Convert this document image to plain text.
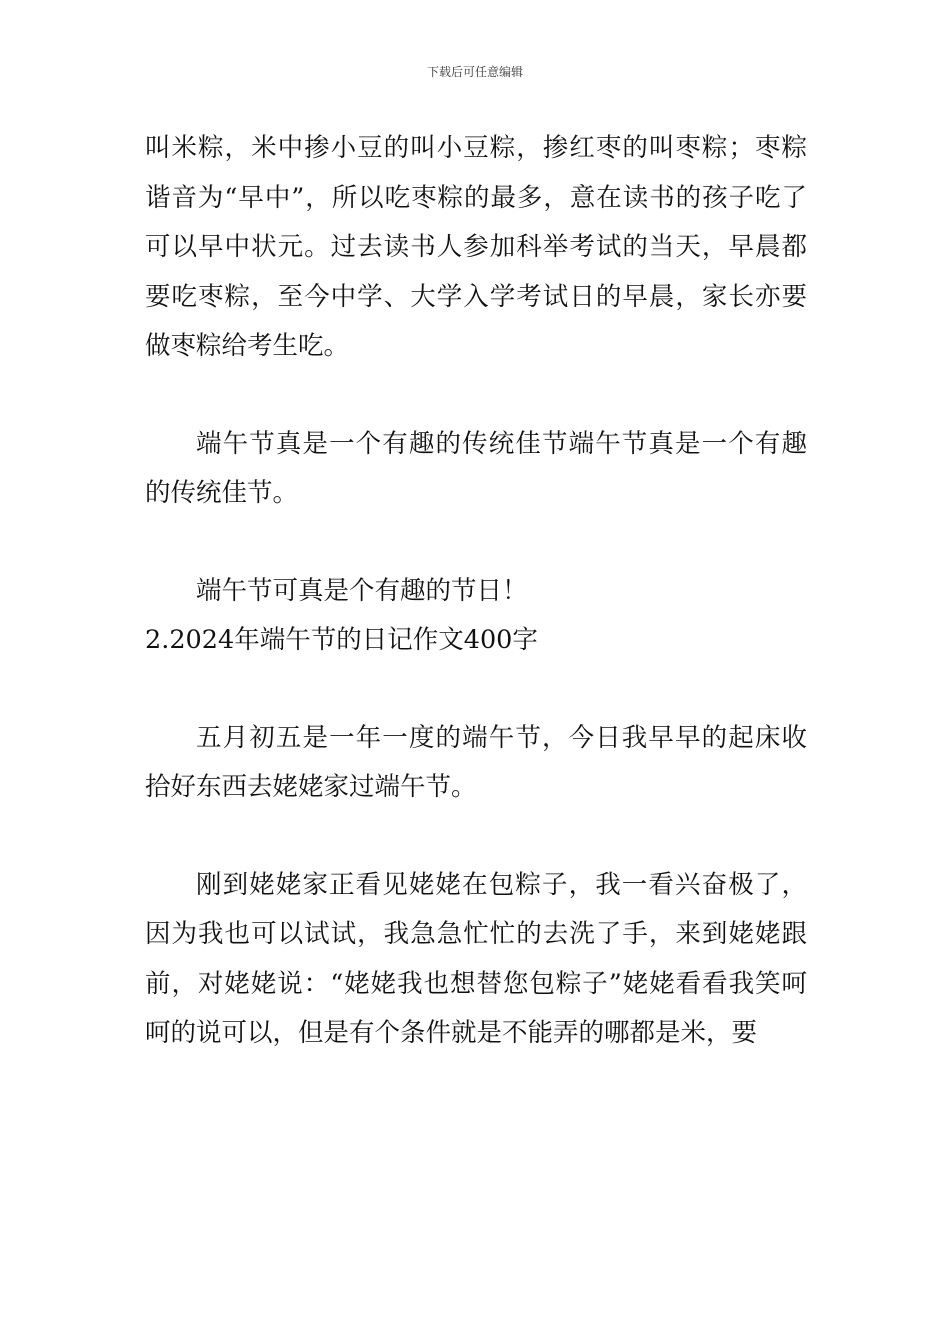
下载后可任意编辑

叫米粽，米中掺小豆的叫小豆粽，掺红枣的叫枣粽；枣粽谐音为“早中”，所以吃枣粽的最多，意在读书的孩子吃了可以早中状元。过去读书人参加科举考试的当天，早晨都要吃枣粽，至今中学、大学入学考试日的早晨，家长亦要做枣粽给考生吃。

端午节真是一个有趣的传统佳节端午节真是一个有趣的传统佳节。

端午节可真是个有趣的节日！

2.2024年端午节的日记作文400字

五月初五是一年一度的端午节，今日我早早的起床收拾好东西去姥姥家过端午节。

刚到姥姥家正看见姥姥在包粽子，我一看兴奋极了，因为我也可以试试，我急急忙忙的去洗了手，来到姥姥跟前，对姥姥说：“姥姥我也想替您包粽子”姥姥看看我笑呵呵的说可以，但是有个条件就是不能弄的哪都是米，要
